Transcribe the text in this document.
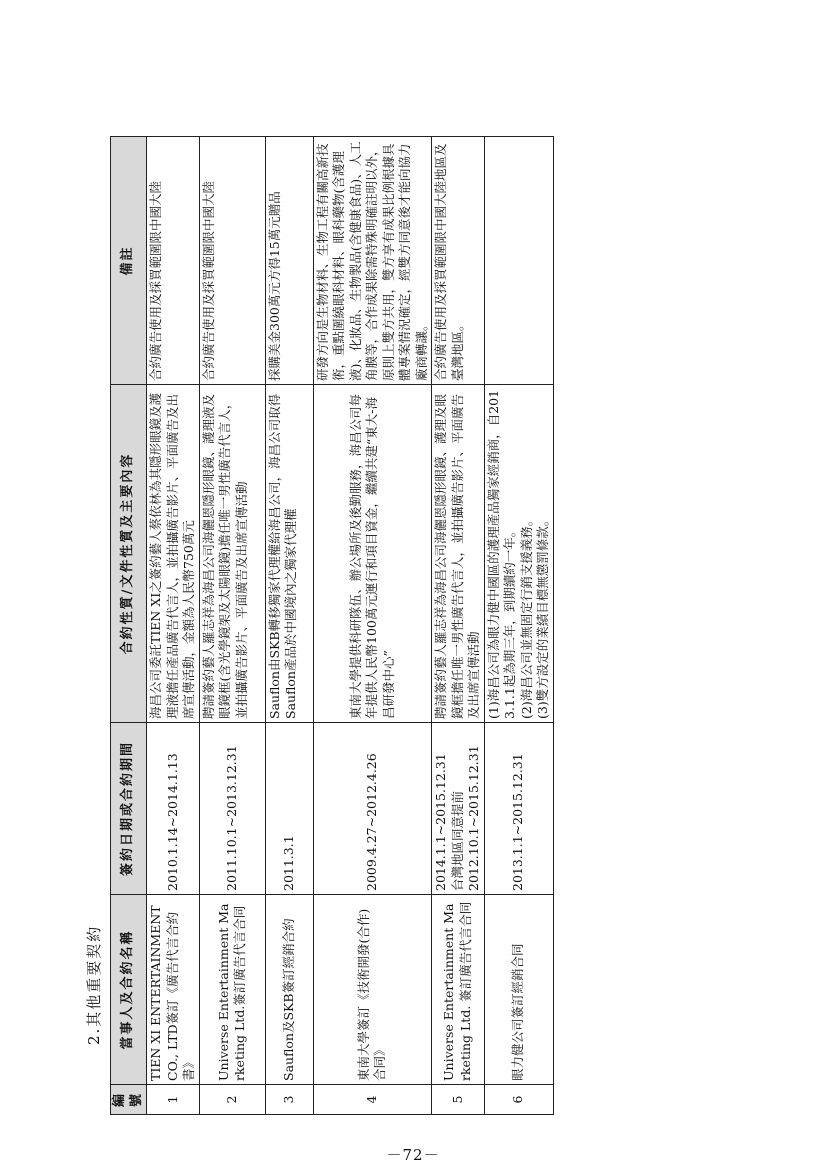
2.其他重要契約
編號	當事人及合約名稱	簽約日期或合約期間	合約性質/文件性質及主要內容	備註
1	TIEN XI ENTERTAINMENT CO., LTD簽訂《廣告代言合約書》	2010.1.14~2014.1.13	海昌公司委託TIEN XI之簽約藝人蔡依林為其隱形眼鏡及護理液擔任產品廣告代言人，並拍攝廣告影片、平面廣告及出席宣傳活動，金額為人民幣750萬元	合約廣告使用及採買範圍限中國大陸
2	Universe Entertainment Marketing Ltd.簽訂廣告代言合同	2011.10.1~2013.12.31	聘請簽約藝人羅志祥為海昌公司海儷恩隱形眼鏡、護理液及眼鏡框(含光學鏡架及太陽眼鏡)擔任唯一男性廣告代言人，並拍攝廣告影片、平面廣告及出席宣傳活動	合約廣告使用及採買範圍限中國大陸
3	Sauflon及SKB簽訂經銷合約	2011.3.1	Sauflon由SKB轉移獨家代理權給海昌公司，海昌公司取得Sauflon產品於中國境內之獨家代理權	採購美金300萬元方得15萬元贈品
4	東南大學簽訂《技術開發(合作)合同》	2009.4.27~2012.4.26	東南大學提供科研隊伍、辦公場所及後勤服務，海昌公司每年提供人民幣100萬元運行和項目資金，繼續共建“東大-海昌研發中心”	研發方向是生物材料、生物工程有關高新技術，重點圍繞眼科材料、眼科藥物(含護理液)、化妝品、生物製品(含健康食品)、人工角膜等，合作成果除需特殊明確註明以外，原則上雙方共用，雙方享有成果比例根據具體專案情況確定，經雙方同意後才能向協力廠商轉讓。
5	Universe Entertainment Marketing Ltd. 簽訂廣告代言合同	2014.1.1~2015.12.31 台灣地區同意提前 2012.10.1~2015.12.31	聘請簽約藝人羅志祥為海昌公司海儷恩隱形眼鏡、護理及眼鏡框擔任唯一男性廣告代言人，並拍攝廣告影片、平面廣告及出席宣傳活動	合約廣告使用及採買範圍限中國大陸地區及臺灣地區。
6	眼力健公司簽訂經銷合同	2013.1.1~2015.12.31	(1)海昌公司為眼力健中國區的護理產品獨家經銷商，自2013.1.1起為期三年，到期續約一年。 (2)海昌公司並無固定行銷支援義務。 (3)雙方設定的業績目標無懲罰條款。	

－72－
